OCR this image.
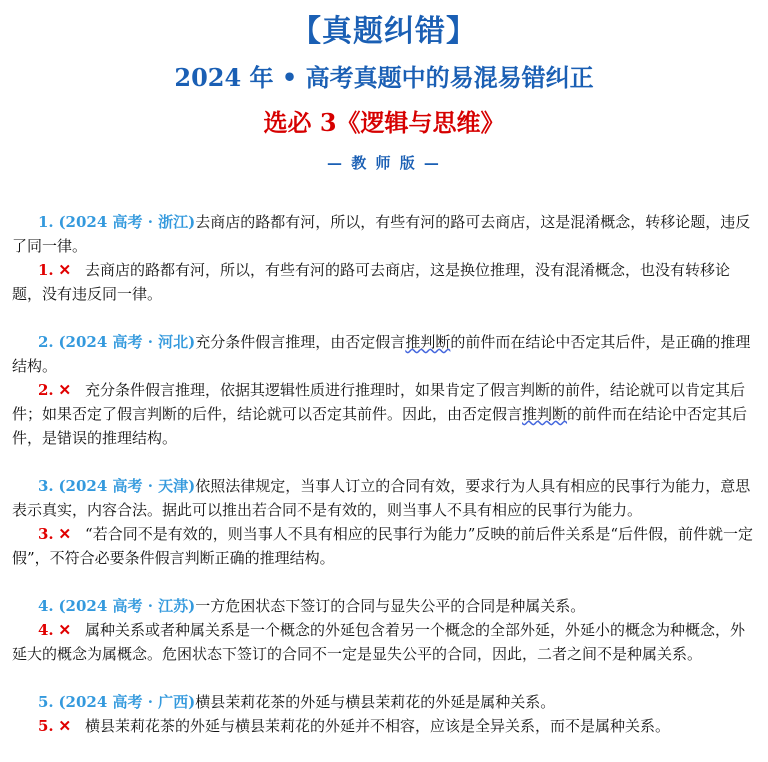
【真题纠错】
2024 年 • 高考真题中的易混易错纠正
选必 3《逻辑与思维》
— 教 师 版 —

1. (2024 高考 · 浙江)去商店的路都有河，所以，有些有河的路可去商店，这是混淆概念，转移论题，违反了同一律。

1. ✕ 去商店的路都有河，所以，有些有河的路可去商店，这是换位推理，没有混淆概念，也没有转移论题，没有违反同一律。

2. (2024 高考 · 河北)充分条件假言推理，由否定假言推判断的前件而在结论中否定其后件，是正确的推理结构。

2. ✕ 充分条件假言推理，依据其逻辑性质进行推理时，如果肯定了假言判断的前件，结论就可以肯定其后件；如果否定了假言判断的后件，结论就可以否定其前件。因此，由否定假言推判断的前件而在结论中否定其后件，是错误的推理结构。

3. (2024 高考 · 天津)依照法律规定，当事人订立的合同有效，要求行为人具有相应的民事行为能力，意思表示真实，内容合法。据此可以推出若合同不是有效的，则当事人不具有相应的民事行为能力。

3. ✕ “若合同不是有效的，则当事人不具有相应的民事行为能力”反映的前后件关系是“后件假，前件就一定假”，不符合必要条件假言判断正确的推理结构。

4. (2024 高考 · 江苏)一方危困状态下签订的合同与显失公平的合同是种属关系。

4. ✕ 属种关系或者种属关系是一个概念的外延包含着另一个概念的全部外延，外延小的概念为种概念，外延大的概念为属概念。危困状态下签订的合同不一定是显失公平的合同，因此，二者之间不是种属关系。

5. (2024 高考 · 广西)横县茉莉花茶的外延与横县茉莉花的外延是属种关系。

5. ✕ 横县茉莉花茶的外延与横县茉莉花的外延并不相容，应该是全异关系，而不是属种关系。
